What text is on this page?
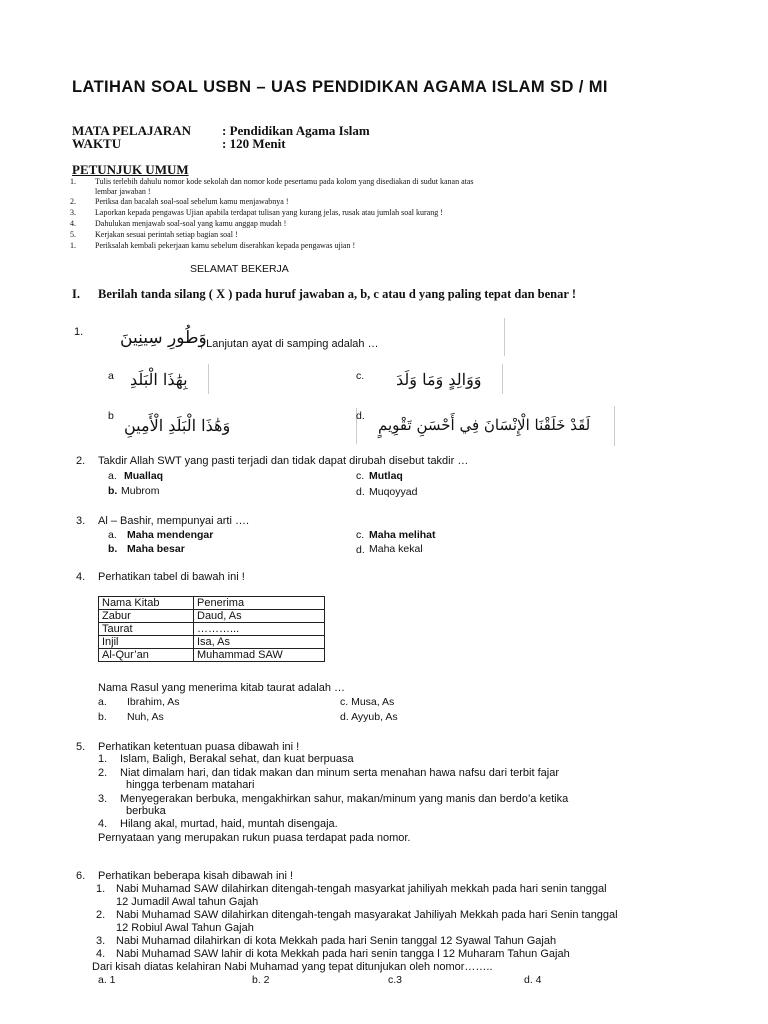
LATIHAN SOAL USBN – UAS PENDIDIKAN AGAMA ISLAM SD / MI
MATA PELAJARAN : Pendidikan Agama Islam
WAKTU	: 120 Menit
PETUNJUK UMUM
1. Tulis terlebih dahulu nomor kode sekolah dan nomor kode pesertamu pada kolom yang disediakan di sudut kanan atas
lembar jawaban !
2. Periksa dan bacalah soal-soal sebelum kamu menjawabnya !
3. Laporkan kepada pengawas Ujian apabila terdapat tulisan yang kurang jelas, rusak atau jumlah soal kurang !
4. Dahulukan menjawab soal-soal yang kamu anggap mudah !
5. Kerjakan sesuai perintah setiap bagian soal !
1. Periksalah kembali pekerjaan kamu sebelum diserahkan kepada pengawas ujian !
SELAMAT BEKERJA
I. Berilah tanda silang ( X ) pada huruf jawaban a, b, c atau d yang paling tepat dan benar !
1. وَطُورِ سِينِينَ
, Lanjutan ayat di samping adalah …
a بِهَٰذَا الْبَلَدِ	c. وَوَالِدٍ وَمَا وَلَدَ
b وَهَٰذَا الْبَلَدِ الْأَمِينِ	d. لَقَدْ خَلَقْنَا الْإِنْسَانَ فِي أَحْسَنِ تَقْوِيمٍ
2. Takdir Allah SWT yang pasti terjadi dan tidak dapat dirubah disebut takdir …
a. Muallaq	c. Mutlaq
b. Mubrom	d. Muqoyyad
3. Al – Bashir, mempunyai arti ….
a. Maha mendengar	c. Maha melihat
b. Maha besar	d. Maha kekal
4. Perhatikan tabel di bawah ini !
Nama Kitab	Penerima
Zabur	Daud, As
Taurat	………...
Injil	Isa, As
Al-Qur’an	Muhammad SAW
Nama Rasul yang menerima kitab taurat adalah …
a. Ibrahim, As	c. Musa, As
b. Nuh, As	d. Ayyub, As
5. Perhatikan ketentuan puasa dibawah ini !
1. Islam, Baligh, Berakal sehat, dan kuat berpuasa
2. Niat dimalam hari, dan tidak makan dan minum serta menahan hawa nafsu dari terbit fajar
hingga terbenam matahari
3. Menyegerakan berbuka, mengakhirkan sahur, makan/minum yang manis dan berdo’a ketika
berbuka
4. Hilang akal, murtad, haid, muntah disengaja.
Pernyataan yang merupakan rukun puasa terdapat pada nomor.
6. Perhatikan beberapa kisah dibawah ini !
1. Nabi Muhamad SAW dilahirkan ditengah-tengah masyarkat jahiliyah mekkah pada hari senin tanggal
12 Jumadil Awal tahun Gajah
2. Nabi Muhamad SAW dilahirkan ditengah-tengah masyarakat Jahiliyah Mekkah pada hari Senin tanggal
12 Robiul Awal Tahun Gajah
3. Nabi Muhamad dilahirkan di kota Mekkah pada hari Senin tanggal 12 Syawal Tahun Gajah
4. Nabi Muhamad SAW lahir di kota Mekkah pada hari senin tangga l 12 Muharam Tahun Gajah
Dari kisah diatas kelahiran Nabi Muhamad yang tepat ditunjukan oleh nomor……..
a. 1	b. 2	c.3	d. 4
